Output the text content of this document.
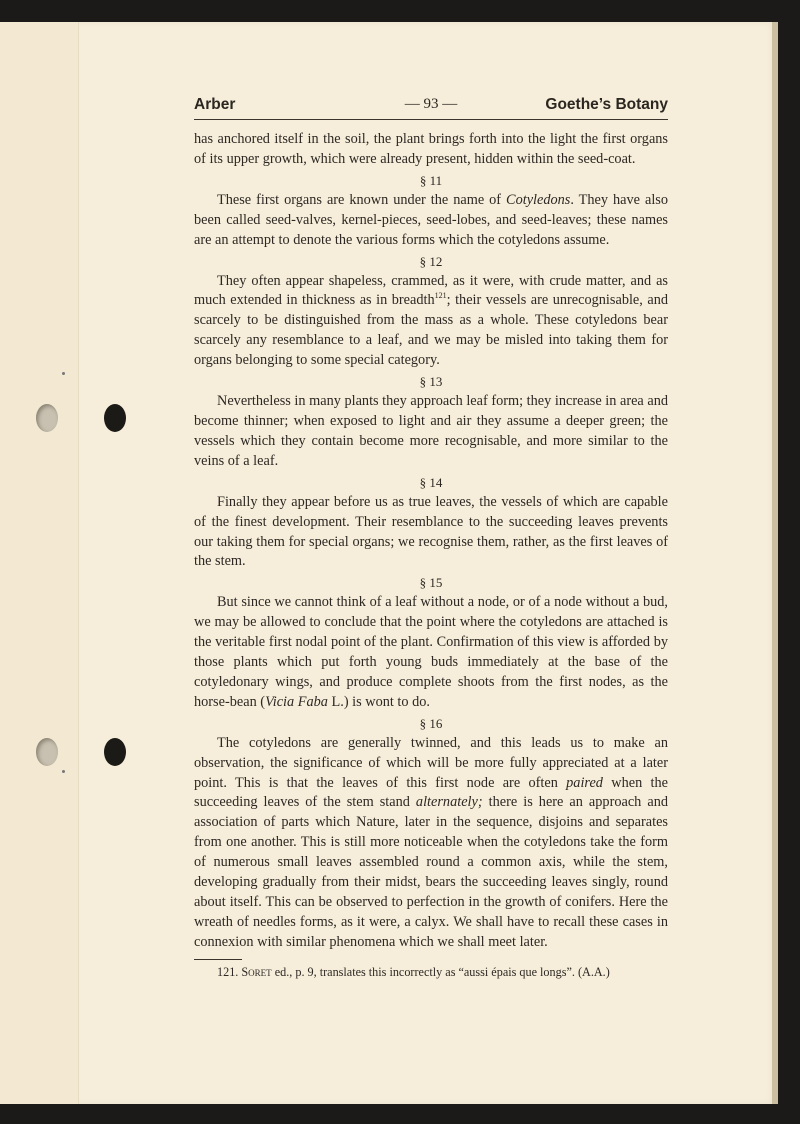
Arber	— 93 —	Goethe’s Botany

has anchored itself in the soil, the plant brings forth into the light the first organs of its upper growth, which were already present, hidden within the seed-coat.

§ 11

These first organs are known under the name of Cotyledons. They have also been called seed-valves, kernel-pieces, seed-lobes, and seed-leaves; these names are an attempt to denote the various forms which the cotyledons assume.

§ 12

They often appear shapeless, crammed, as it were, with crude matter, and as much extended in thickness as in breadth$^{121}$; their vessels are unrecognisable, and scarcely to be distinguished from the mass as a whole. These cotyledons bear scarcely any resemblance to a leaf, and we may be misled into taking them for organs belonging to some special category.

§ 13

Nevertheless in many plants they approach leaf form; they increase in area and become thinner; when exposed to light and air they assume a deeper green; the vessels which they contain become more recognisable, and more similar to the veins of a leaf.

§ 14

Finally they appear before us as true leaves, the vessels of which are capable of the finest development. Their resemblance to the succeeding leaves prevents our taking them for special organs; we recognise them, rather, as the first leaves of the stem.

§ 15

But since we cannot think of a leaf without a node, or of a node without a bud, we may be allowed to conclude that the point where the cotyledons are attached is the veritable first nodal point of the plant. Confirmation of this view is afforded by those plants which put forth young buds immediately at the base of the cotyledonary wings, and produce complete shoots from the first nodes, as the horse-bean (Vicia Faba L.) is wont to do.

§ 16

The cotyledons are generally twinned, and this leads us to make an observation, the significance of which will be more fully appreciated at a later point. This is that the leaves of this first node are often paired when the succeeding leaves of the stem stand alternately; there is here an approach and association of parts which Nature, later in the sequence, disjoins and separates from one another. This is still more noticeable when the cotyledons take the form of numerous small leaves assembled round a common axis, while the stem, developing gradually from their midst, bears the succeeding leaves singly, round about itself. This can be observed to perfection in the growth of conifers. Here the wreath of needles forms, as it were, a calyx. We shall have to recall these cases in connexion with similar phenomena which we shall meet later.

121. Soret ed., p. 9, translates this incorrectly as “aussi épais que longs”. (A.A.)
